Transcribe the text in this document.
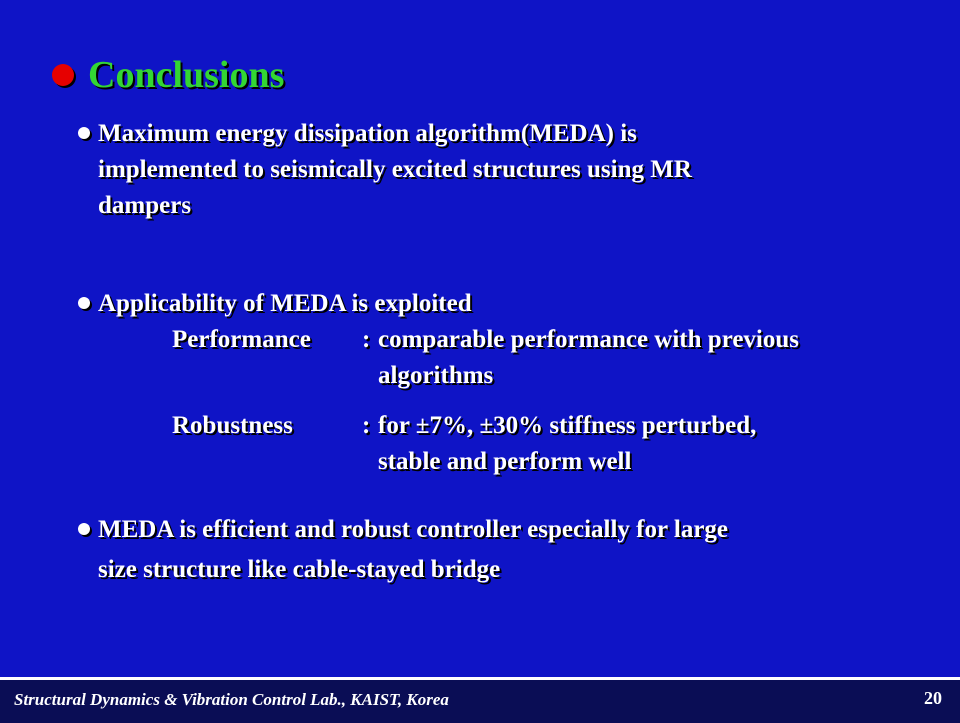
Conclusions
Maximum energy dissipation algorithm(MEDA) is
implemented to seismically excited structures using MR
dampers
Applicability of MEDA is exploited
Performance	: comparable performance with previous
algorithms
Robustness	: for ±7%, ±30% stiffness perturbed,
stable and perform well
MEDA is efficient and robust controller especially for large
size structure like cable-stayed bridge
Structural Dynamics & Vibration Control Lab., KAIST, Korea	20
